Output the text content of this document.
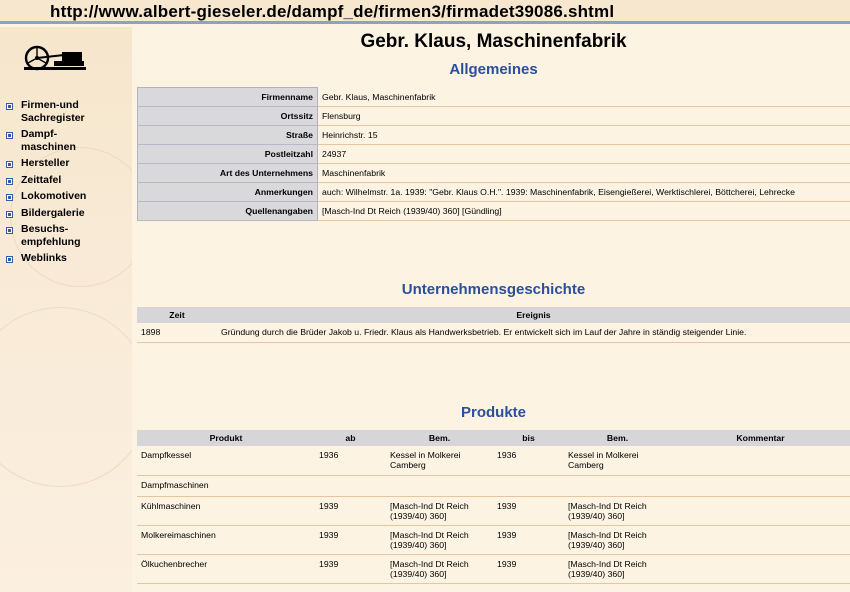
http://www.albert-gieseler.de/dampf_de/firmen3/firmadet39086.shtml
Firmen-und
Sachregister
Dampf-
maschinen
Hersteller
Zeittafel
Lokomotiven
Bildergalerie
Besuchs-
empfehlung
Weblinks
Gebr. Klaus, Maschinenfabrik
Allgemeines
Firmenname	Gebr. Klaus, Maschinenfabrik
Ortssitz	Flensburg
Straße	Heinrichstr. 15
Postleitzahl	24937
Art des Unternehmens	Maschinenfabrik
Anmerkungen	auch: Wilhelmstr. 1a. 1939: "Gebr. Klaus O.H.". 1939: Maschinenfabrik, Eisengießerei, Werktischlerei, Böttcherei, Lehrecke
Quellenangaben	[Masch-Ind Dt Reich (1939/40) 360] [Gündling]
Unternehmensgeschichte
Zeit	Ereignis
1898	Gründung durch die Brüder Jakob u. Friedr. Klaus als Handwerksbetrieb. Er entwickelt sich im Lauf der Jahre in ständig steigender Linie.
Produkte
Produkt	ab	Bem.	bis	Bem.	Kommentar
Dampfkessel	1936	Kessel in Molkerei Camberg	1936	Kessel in Molkerei Camberg	
Dampfmaschinen					
Kühlmaschinen	1939	[Masch-Ind Dt Reich (1939/40) 360]	1939	[Masch-Ind Dt Reich (1939/40) 360]	
Molkereimaschinen	1939	[Masch-Ind Dt Reich (1939/40) 360]	1939	[Masch-Ind Dt Reich (1939/40) 360]	
Ölkuchenbrecher	1939	[Masch-Ind Dt Reich (1939/40) 360]	1939	[Masch-Ind Dt Reich (1939/40) 360]	
